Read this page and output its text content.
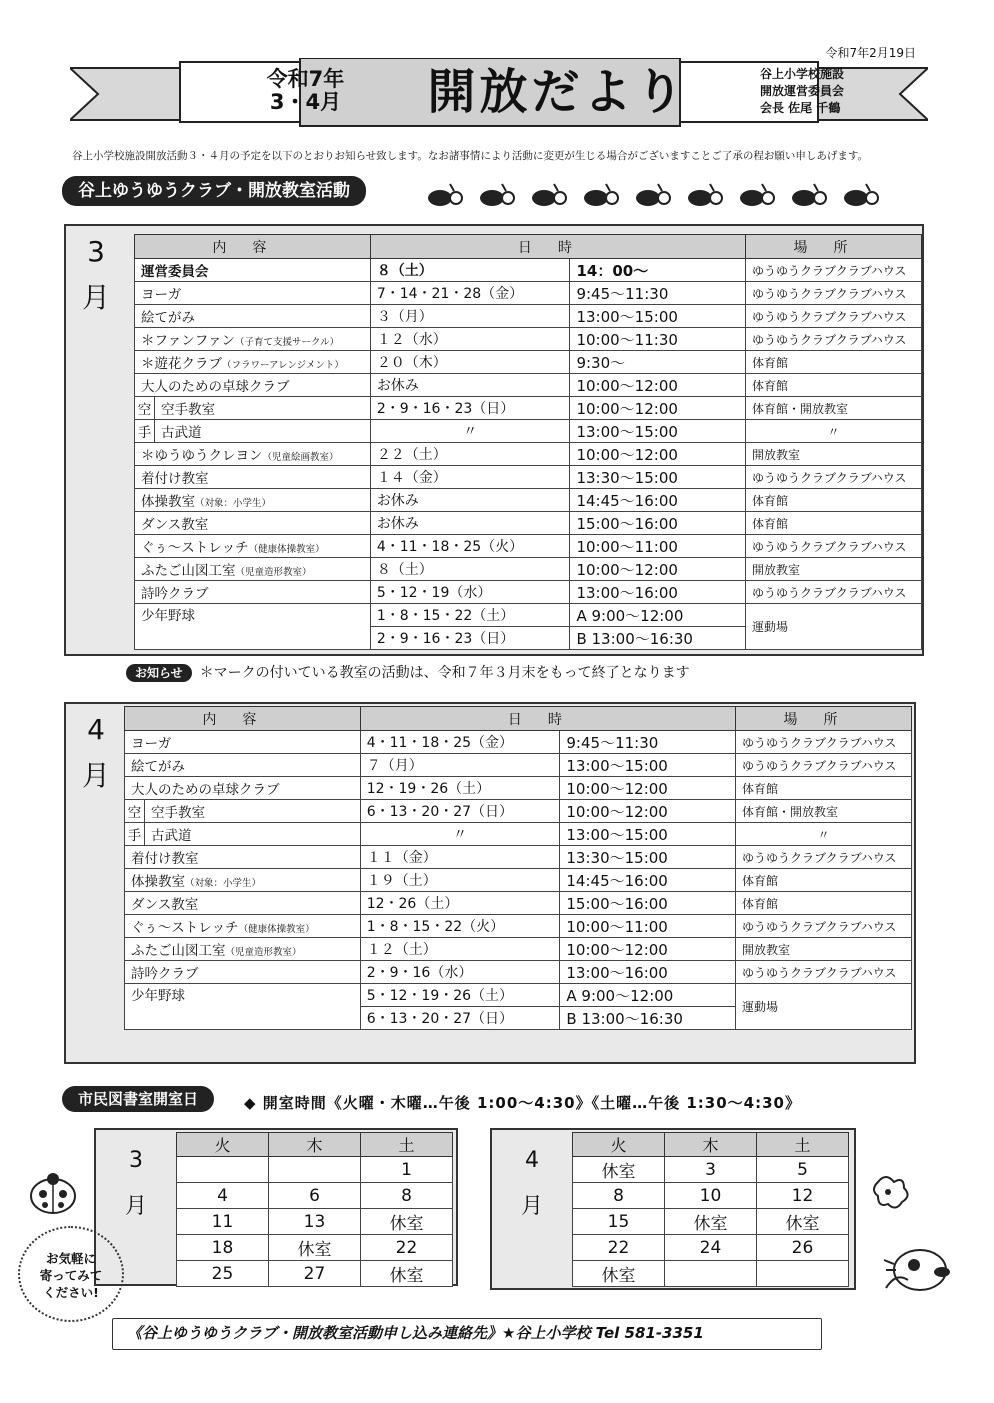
令和7年2月19日
令和7年
3・4月	開放だより	谷上小学校施設
開放運営委員会
会長 佐尾 千鶴
谷上小学校施設開放活動３・４月の予定を以下のとおりお知らせ致します。なお諸事情により活動に変更が生じる場合がございますことご了承の程お願い申しあげます。
谷上ゆうゆうクラブ・開放教室活動
3
月
内容		日時		場所
運営委員会		８（土）	14：00～	ゆうゆうクラブクラブハウス
ヨーガ		7・14・21・28（金）	9:45～11:30	ゆうゆうクラブクラブハウス
絵てがみ		３（月）	13:00～15:00	ゆうゆうクラブクラブハウス
＊ファンファン（子育て支援サークル）		１２（水）	10:00～11:30	ゆうゆうクラブクラブハウス
＊遊花クラブ（フラワーアレンジメント）		２０（木）	9:30～	体育館
大人のための卓球クラブ		お休み	10:00～12:00	体育館
空	空手教室	2・9・16・23（日）	10:00～12:00	体育館・開放教室
手	古武道	〃	13:00～15:00	〃
＊ゆうゆうクレヨン（児童絵画教室）		２２（土）	10:00～12:00	開放教室
着付け教室		１４（金）	13:30～15:00	ゆうゆうクラブクラブハウス
体操教室（対象：小学生）		お休み	14:45～16:00	体育館
ダンス教室		お休み	15:00～16:00	体育館
ぐぅ～ストレッチ（健康体操教室）		4・11・18・25（火）	10:00～11:00	ゆうゆうクラブクラブハウス
ふたご山図工室（児童造形教室）		８（土）	10:00～12:00	開放教室
詩吟クラブ		5・12・19（水）	13:00～16:00	ゆうゆうクラブクラブハウス
少年野球		1・8・15・22（土）	A 9:00～12:00	運動場
		2・9・16・23（日）	B 13:00～16:30	
お知らせ ＊マークの付いている教室の活動は、令和７年３月末をもって終了となります
4
月
内容		日時		場所
ヨーガ		4・11・18・25（金）	9:45～11:30	ゆうゆうクラブクラブハウス
絵てがみ		７（月）	13:00～15:00	ゆうゆうクラブクラブハウス
大人のための卓球クラブ		12・19・26（土）	10:00～12:00	体育館
空	空手教室	6・13・20・27（日）	10:00～12:00	体育館・開放教室
手	古武道	〃	13:00～15:00	〃
着付け教室		１１（金）	13:30～15:00	ゆうゆうクラブクラブハウス
体操教室（対象：小学生）		１９（土）	14:45～16:00	体育館
ダンス教室		12・26（土）	15:00～16:00	体育館
ぐぅ～ストレッチ（健康体操教室）		1・8・15・22（火）	10:00～11:00	ゆうゆうクラブクラブハウス
ふたご山図工室（児童造形教室）		１２（土）	10:00～12:00	開放教室
詩吟クラブ		2・9・16（水）	13:00～16:00	ゆうゆうクラブクラブハウス
少年野球		5・12・19・26（土）	A 9:00～12:00	運動場
		6・13・20・27（日）	B 13:00～16:30	
市民図書室開室日	◆ 開室時間《火曜・木曜…午後 1:00～4:30》《土曜…午後 1:30～4:30》
3
月
火	木	土
		1
4	6	8
11	13	休室
18	休室	22
25	27	休室
4
月
火	木	土
休室	3	5
8	10	12
15	休室	休室
22	24	26
休室		
お気軽に
寄ってみて
ください!
《谷上ゆうゆうクラブ・開放教室活動申し込み連絡先》★谷上小学校 Tel 581-3351
